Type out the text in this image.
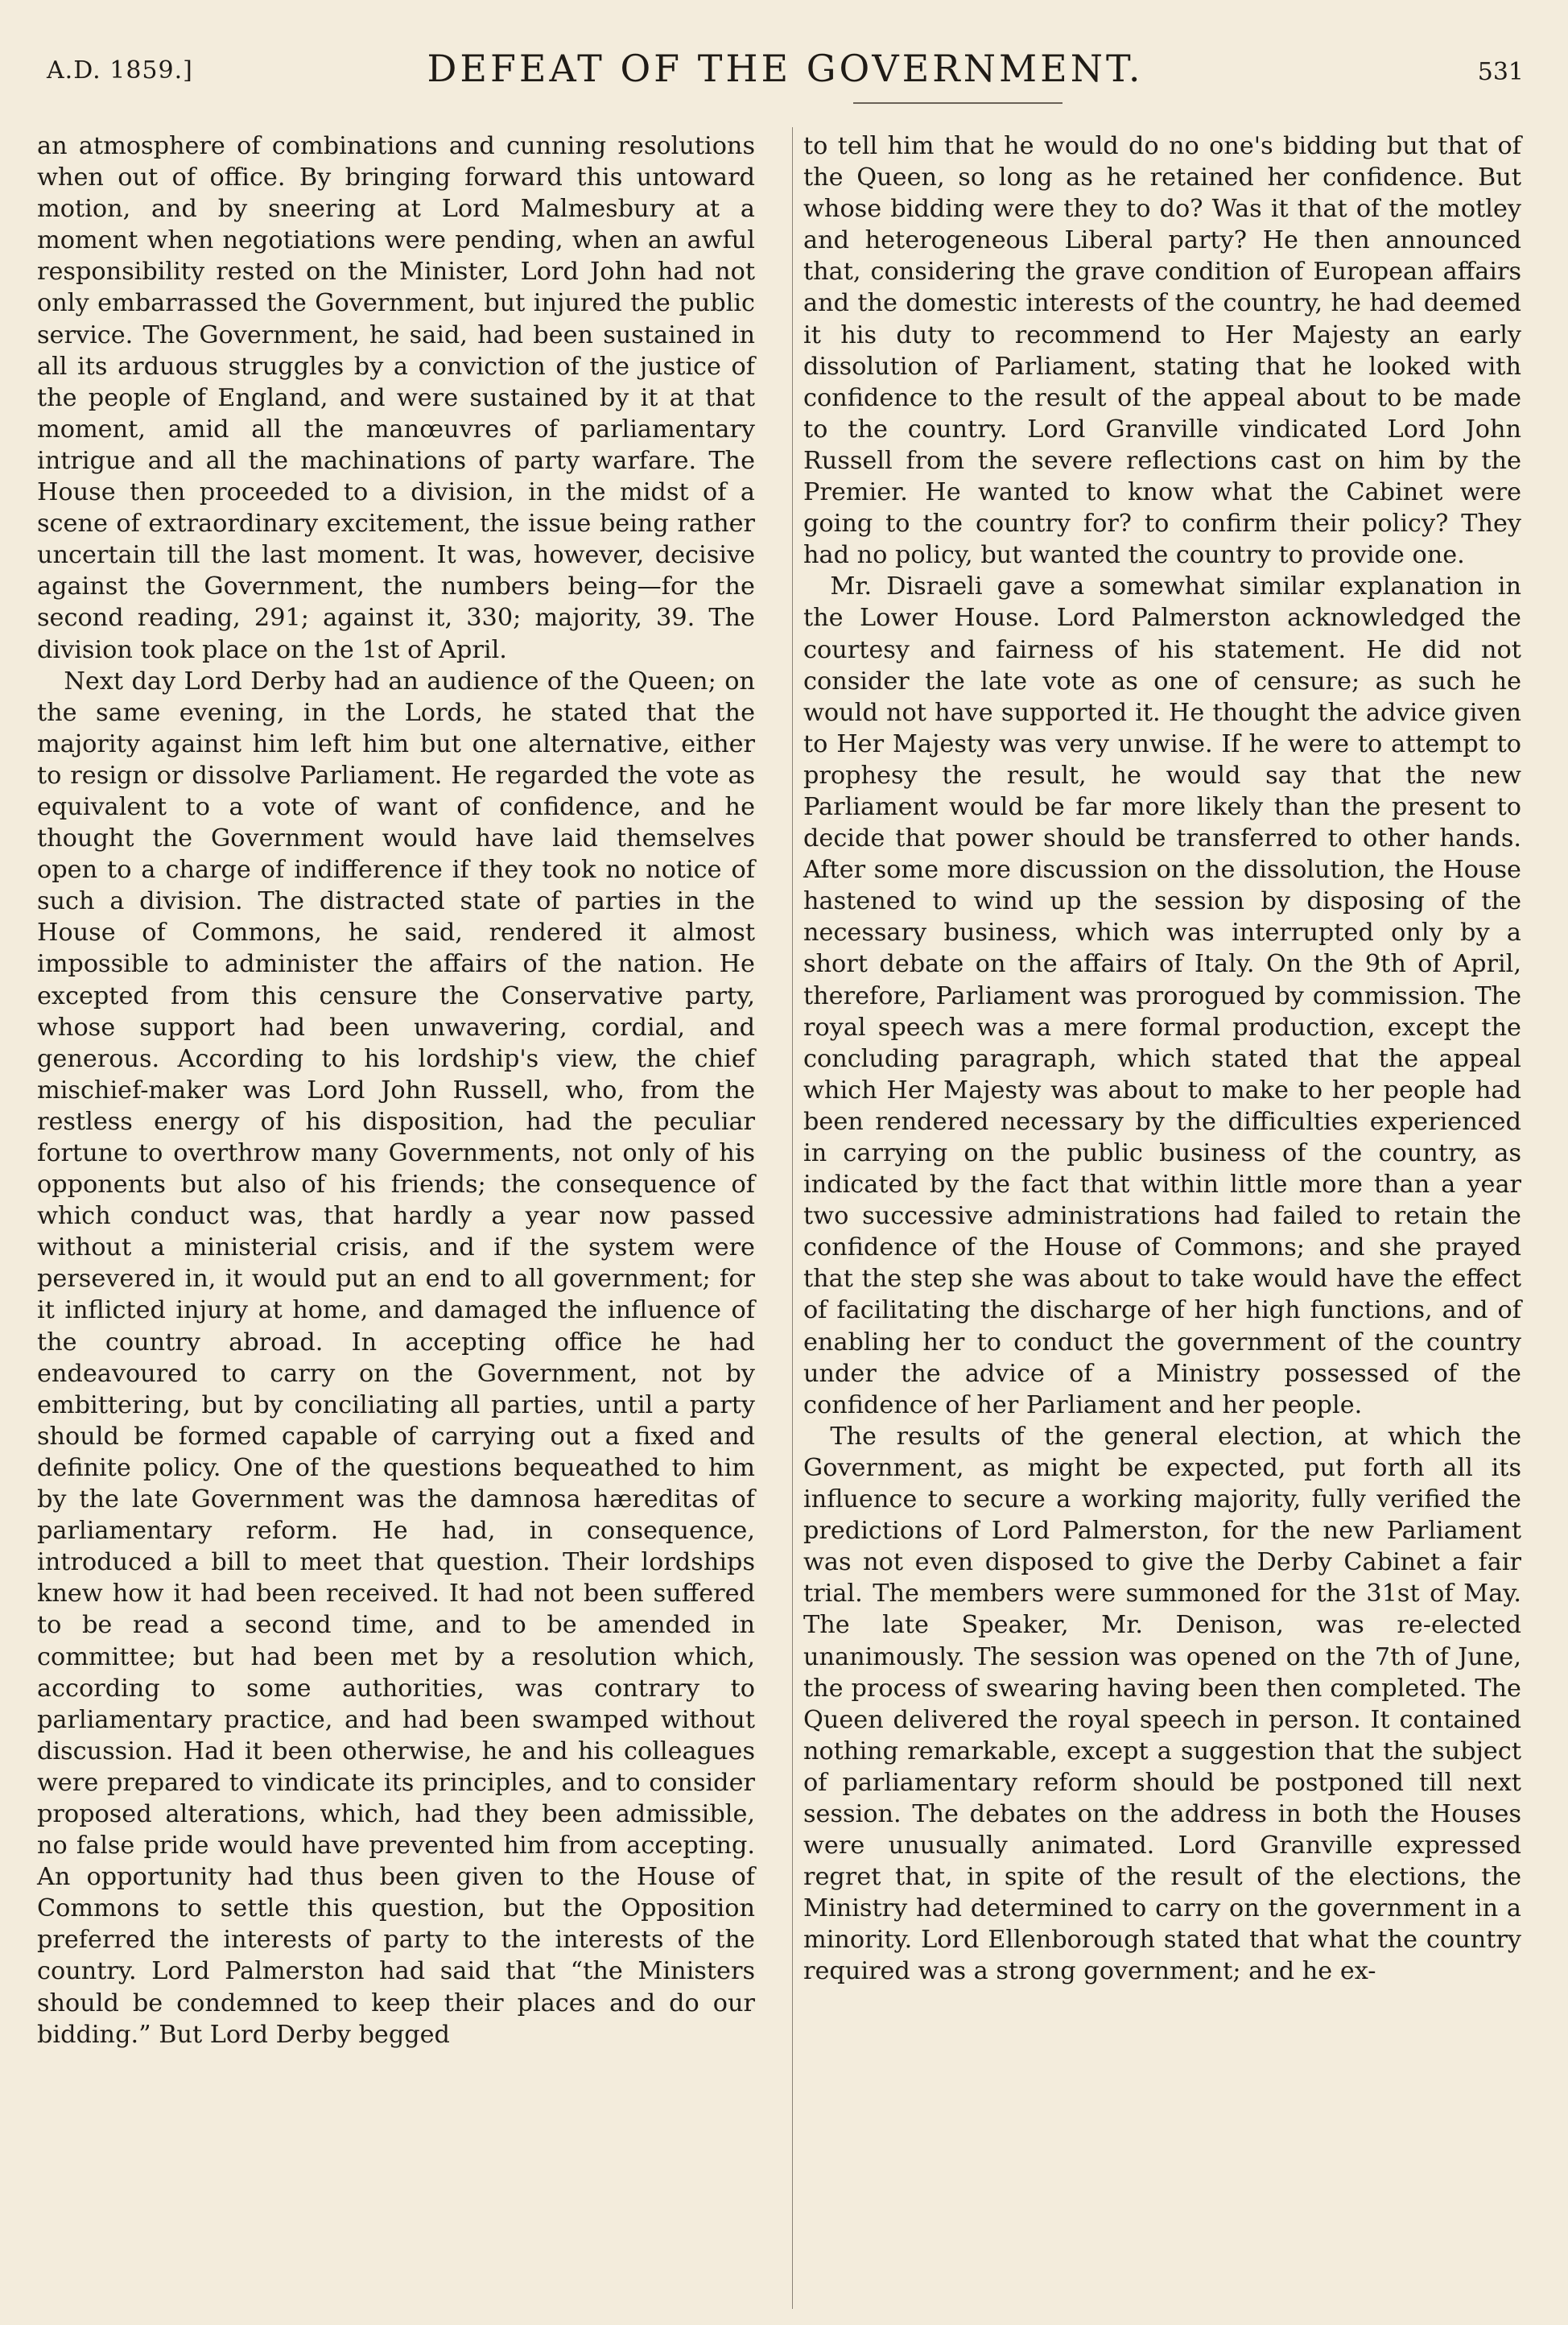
A.D. 1859.]	DEFEAT OF THE GOVERNMENT.	531

an atmosphere of combinations and cunning resolutions when out of office. By bringing forward this untoward motion, and by sneering at Lord Malmesbury at a moment when negotiations were pending, when an awful responsibility rested on the Minister, Lord John had not only embarrassed the Government, but injured the public service. The Government, he said, had been sustained in all its arduous struggles by a conviction of the justice of the people of England, and were sustained by it at that moment, amid all the manœuvres of parliamentary intrigue and all the machinations of party warfare. The House then proceeded to a division, in the midst of a scene of extraordinary excitement, the issue being rather uncertain till the last moment. It was, however, decisive against the Government, the numbers being—for the second reading, 291; against it, 330; majority, 39. The division took place on the 1st of April.

Next day Lord Derby had an audience of the Queen; on the same evening, in the Lords, he stated that the majority against him left him but one alternative, either to resign or dissolve Parliament. He regarded the vote as equivalent to a vote of want of confidence, and he thought the Government would have laid themselves open to a charge of indifference if they took no notice of such a division. The distracted state of parties in the House of Commons, he said, rendered it almost impossible to administer the affairs of the nation. He excepted from this censure the Conservative party, whose support had been unwavering, cordial, and generous. According to his lordship's view, the chief mischief-maker was Lord John Russell, who, from the restless energy of his disposition, had the peculiar fortune to overthrow many Governments, not only of his opponents but also of his friends; the consequence of which conduct was, that hardly a year now passed without a ministerial crisis, and if the system were persevered in, it would put an end to all government; for it inflicted injury at home, and damaged the influence of the country abroad. In accepting office he had endeavoured to carry on the Government, not by embittering, but by conciliating all parties, until a party should be formed capable of carrying out a fixed and definite policy. One of the questions bequeathed to him by the late Government was the damnosa hæreditas of parliamentary reform. He had, in consequence, introduced a bill to meet that question. Their lordships knew how it had been received. It had not been suffered to be read a second time, and to be amended in committee; but had been met by a resolution which, according to some authorities, was contrary to parliamentary practice, and had been swamped without discussion. Had it been otherwise, he and his colleagues were prepared to vindicate its principles, and to consider proposed alterations, which, had they been admissible, no false pride would have prevented him from accepting. An opportunity had thus been given to the House of Commons to settle this question, but the Opposition preferred the interests of party to the interests of the country. Lord Palmerston had said that “the Ministers should be condemned to keep their places and do our bidding.” But Lord Derby begged

to tell him that he would do no one's bidding but that of the Queen, so long as he retained her confidence. But whose bidding were they to do? Was it that of the motley and heterogeneous Liberal party? He then announced that, considering the grave condition of European affairs and the domestic interests of the country, he had deemed it his duty to recommend to Her Majesty an early dissolution of Parliament, stating that he looked with confidence to the result of the appeal about to be made to the country. Lord Granville vindicated Lord John Russell from the severe reflections cast on him by the Premier. He wanted to know what the Cabinet were going to the country for? to confirm their policy? They had no policy, but wanted the country to provide one.

Mr. Disraeli gave a somewhat similar explanation in the Lower House. Lord Palmerston acknowledged the courtesy and fairness of his statement. He did not consider the late vote as one of censure; as such he would not have supported it. He thought the advice given to Her Majesty was very unwise. If he were to attempt to prophesy the result, he would say that the new Parliament would be far more likely than the present to decide that power should be transferred to other hands. After some more discussion on the dissolution, the House hastened to wind up the session by disposing of the necessary business, which was interrupted only by a short debate on the affairs of Italy. On the 9th of April, therefore, Parliament was prorogued by commission. The royal speech was a mere formal production, except the concluding paragraph, which stated that the appeal which Her Majesty was about to make to her people had been rendered necessary by the difficulties experienced in carrying on the public business of the country, as indicated by the fact that within little more than a year two successive administrations had failed to retain the confidence of the House of Commons; and she prayed that the step she was about to take would have the effect of facilitating the discharge of her high functions, and of enabling her to conduct the government of the country under the advice of a Ministry possessed of the confidence of her Parliament and her people.

The results of the general election, at which the Government, as might be expected, put forth all its influence to secure a working majority, fully verified the predictions of Lord Palmerston, for the new Parliament was not even disposed to give the Derby Cabinet a fair trial. The members were summoned for the 31st of May. The late Speaker, Mr. Denison, was re-elected unanimously. The session was opened on the 7th of June, the process of swearing having been then completed. The Queen delivered the royal speech in person. It contained nothing remarkable, except a suggestion that the subject of parliamentary reform should be postponed till next session. The debates on the address in both the Houses were unusually animated. Lord Granville expressed regret that, in spite of the result of the elections, the Ministry had determined to carry on the government in a minority. Lord Ellenborough stated that what the country required was a strong government; and he ex-
